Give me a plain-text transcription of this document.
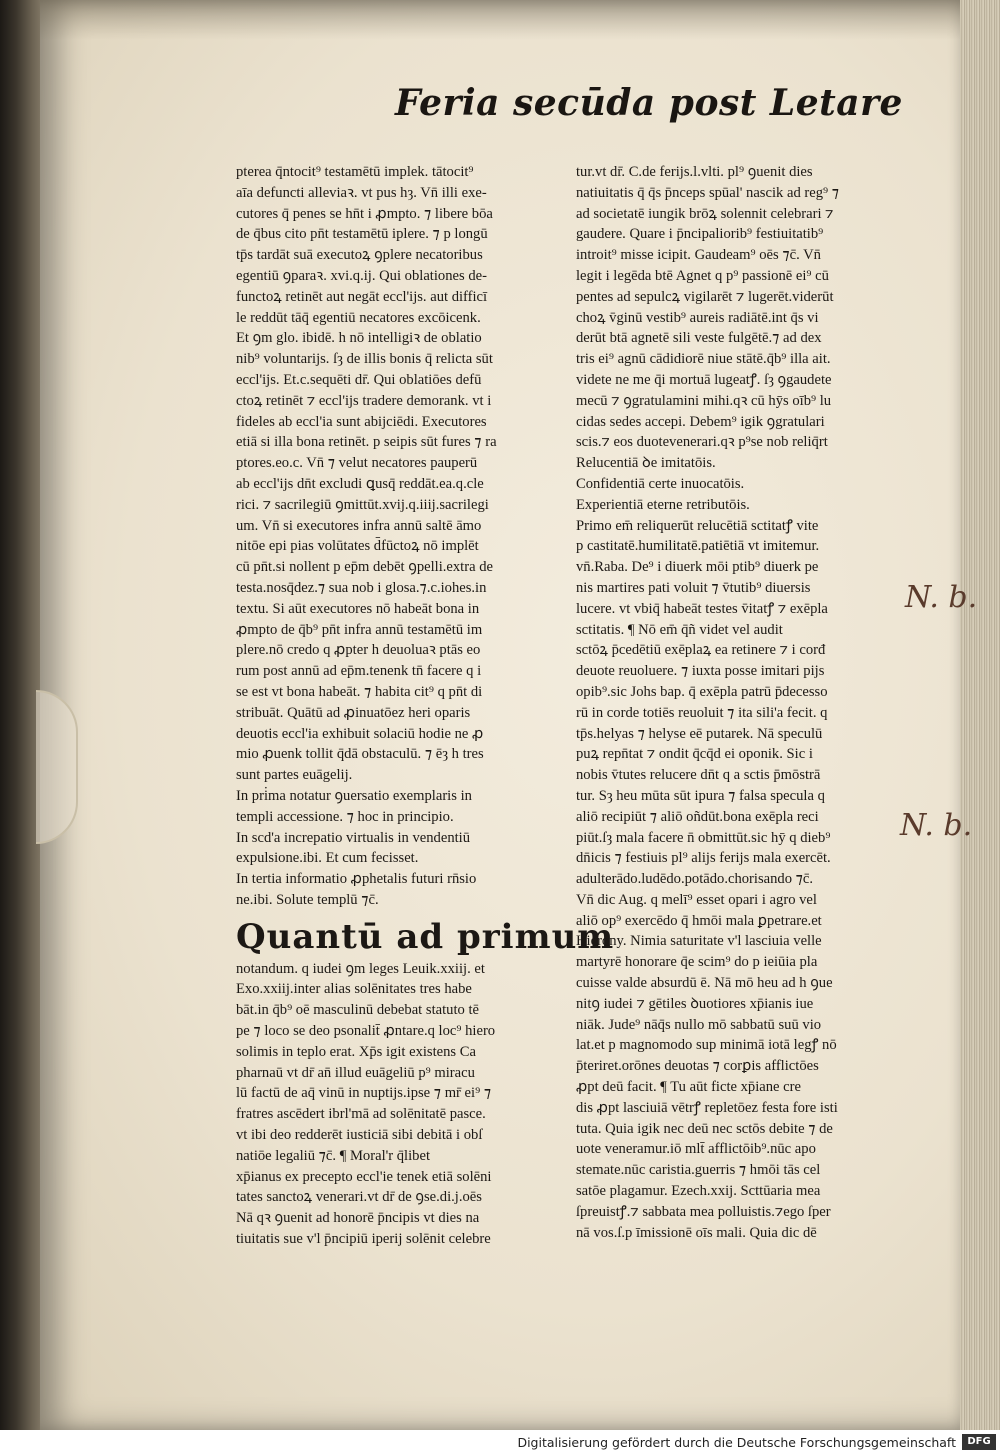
Feria secūda post Letare
pterea q̄ntocit⁹ testamētū implek. tātocit⁹
aīa defuncti alleviaꝛ. vt pus hȝ. Vn̄ illi exe-
cutores q̄ penes se hn̄t i ꝓmpto. ⁊ libere bōa
de q̄bus cito pn̄t testamētū iplere. ⁊ p longū
tp̄s tardāt suā executoꝝ ꝯplere necatoribus
egentiū ꝯparaꝛ. xvi.q.ij. Qui oblationes de-
functoꝝ retinēt aut negāt eccl'ijs. aut difficī
le reddūt tāq̄ egentiū necatores excōicenk.
Et ꝯm glo. ibidē. h nō intelligiꝛ de oblatio
nib⁹ voluntarijs. ſȝ de illis bonis q̄ relicta sūt
eccl'ijs. Et.c.sequēti dr̄. Qui oblatiōes defū
ctoꝝ retinēt ⁊ eccl'ijs tradere demorank. vt i
fideles ab eccl'ia sunt abijciēdi. Executores
etiā si illa bona retinēt. p seipis sūt fures ⁊ ra
ptores.eo.c. Vn̄ ⁊ velut necatores pauperū
ab eccl'ijs dn̄t excludi ꝗusq̄ reddāt.ea.q.cle
rici. ⁊ sacrilegiū ꝯmittūt.xvij.q.iiij.sacrilegi
um. Vn̄ si executores infra annū saltē āmo
nitōe epi pias volūtates d̄fūctoꝝ nō implēt
cū pn̄t.si nollent p ep̄m debēt ꝯpelli.extra de
testa.nosq̄dez.⁊ sua nob i glosa.⁊.c.iohes.in
textu. Si aūt executores nō habeāt bona in
ꝓmpto de q̄b⁹ pn̄t infra annū testamētū im
plere.nō credo q ꝓpter h deuoluaꝛ ptās eo
rum post annū ad ep̄m.tenenk tn̄ facere q i
se est vt bona habeāt. ⁊ habita cit⁹ q pn̄t di
stribuāt. Quātū ad ꝓinuatōez heri oparis
deuotis eccl'ia exhibuit solaciū hodie ne ꝓ
mio ꝓuenk tollit q̄dā obstaculū. ⁊ ēȝ h tres
sunt partes euāgelij.
In pri̇ma notatur ꝯuersatio exemplaris in
templi accessione. ⁊ hoc in principio.
In scd'a increpatio virtualis in vendentiū
expulsione.ibi. Et cum fecisset.
In tertia informatio ꝓphetalis futuri rn̄sio
ne.ibi. Solute templū ⁊c̄.
Quantū ad primum
notandum. q iudei ꝯm leges Leuik.xxiij. et
Exo.xxiij.inter alias solēnitates tres habe
bāt.in q̄b⁹ oē masculinū debebat statuto tē
pe ⁊ loco se deo psonalit̄ ꝓntare.q loc⁹ hiero
solimis in teplo erat. Xp̄s igit existens Ca
pharnaū vt dr̄ an̄ illud euāgeliū p⁹ miracu
lū factū de aq̄ vinū in nuptijs.ipse ⁊ mr̄ ei⁹ ⁊
fratres ascēdert ibrl'mā ad solēnitatē pasce.
vt ibi deo redderēt iusticiā sibi debitā i obſ
natiōe legaliū ⁊c̄. ¶ Moral'r q̄libet
xp̄ianus ex precepto eccl'ie tenek etiā solēni
tates sanctoꝝ venerari.vt dr̄ de ꝯse.di.j.oēs
Nā qꝛ ꝯuenit ad honorē p̄ncipis vt dies na
tiuitatis sue v'l p̄ncipiū iperij solēnit celebre
tur.vt dr̄. C.de ferijs.l.vlti. pl⁹ ꝯuenit dies
natiuitatis q̄ q̄s p̄nceps spūal' nascik ad reg⁹ ⁊
ad societatē iungik brōꝝ solennit celebrari ⁊
gaudere. Quare i p̄ncipaliorib⁹ festiuitatib⁹
introit⁹ misse icipit. Gaudeam⁹ oēs ⁊c̄. Vn̄
legit i legēda btē Agnet q p⁹ passionē ei⁹ cū
pentes ad sepulcꝝ vigilarēt ⁊ lugerēt.viderūt
choꝝ v̄ginū vestib⁹ aureis radiātē.int q̄s vi
derūt btā agnetē sili veste fulgētē.⁊ ad dex
tris ei⁹ agnū cādidiorē niue stātē.q̄b⁹ illa ait.
videte ne me q̄i mortuā lugeatꝭ. ſȝ ꝯgaudete
mecū ⁊ ꝯgratulamini mihi.qꝛ cū hȳs oīb⁹ lu
cidas sedes accepi. Debem⁹ igik ꝯgratulari
scis.⁊ eos duotevenerari.qꝛ p⁹se nob reliq̄rt
Relucentiā ꝺe imitatōis.
Confidentiā certe inuocatōis.
Experientiā eterne retributōis.
Primo em̄ reliquerūt relucētiā sctitatꝭ vite
p castitatē.humilitatē.patiētiā vt imitemur.
vn̄.Raba. De⁹ i diuerk mōi ptib⁹ diuerk pe
nis martires pati voluit ⁊ v̄tutib⁹ diuersis
lucere. vt vbiq̄ habeāt testes v̄itatꝭ ⁊ exēpla
sctitatis. ¶ Nō em̄ q̄ñ videt vel audit
sctōꝝ p̄cedētiū exēplaꝝ ea retinere ⁊ i corđ
deuote reuoluere. ⁊ iuxta posse imitari pijs
opib⁹.sic Johs bap. q̄ exēpla patrū p̄decesso
rū in corde totiēs reuoluit ⁊ ita sili'a fecit. q
tp̄s.helyas ⁊ helyse eē putarek. Nā speculū
puꝝ repn̄tat ⁊ ondit q̄cq̄d ei oponik. Sic i
nobis v̄tutes relucere dn̄t q a sctis p̄mōstrā
tur. Sȝ heu mūta sūt ipura ⁊ falsa specula q
aliō recipiūt ⁊ aliō oñdūt.bona exēpla reci
piūt.ſȝ mala facere n̄ obmittūt.sic hȳ q dieb⁹
dn̄icis ⁊ festiuis pl⁹ alijs ferijs mala exercēt.
adulterādo.ludēdo.potādo.chorisando ⁊c̄.
Vn̄ dic Aug. q melī⁹ esset opari i agro vel
aliō op⁹ exercēdo q̄ hmōi mala ꝑpetrare.et
Hierony. Nimia saturitate v'l lasciuia velle
martyrē honorare q̄e scim⁹ do p ieiūia pla
cuisse valde absurdū ē. Nā mō heu ad h ꝯue
nitꝯ iudei ⁊ gētiles ꝺuotiores xp̄ianis iue
niāk. Jude⁹ nāq̄s nullo mō sabbatū suū vio
lat.et p magnomodo sup minimā iotā legꝭ nō
p̄teriret.orōnes deuotas ⁊ corꝑis afflictōes
ꝓpt deū facit. ¶ Tu aūt ficte xp̄iane cre
dis ꝓpt lasciuiā vētrꝭ repletōez festa fore isti
tuta. Quia igik nec deū nec sctōs debite ⁊ de
uote veneramur.iō mlt̄ afflictōib⁹.nūc apo
stemate.nūc caristia.guerris ⁊ hmōi tās cel
satōe plagamur. Ezech.xxij. Scttūaria mea
ſpreuistꝭ.⁊ sabbata mea polluistis.⁊ego ſper
nā vos.ſ.p īmissionē oīs mali. Quia dic dē
N. b.
N. b.
Digitalisierung gefördert durch die Deutsche Forschungsgemeinschaft	DFG
